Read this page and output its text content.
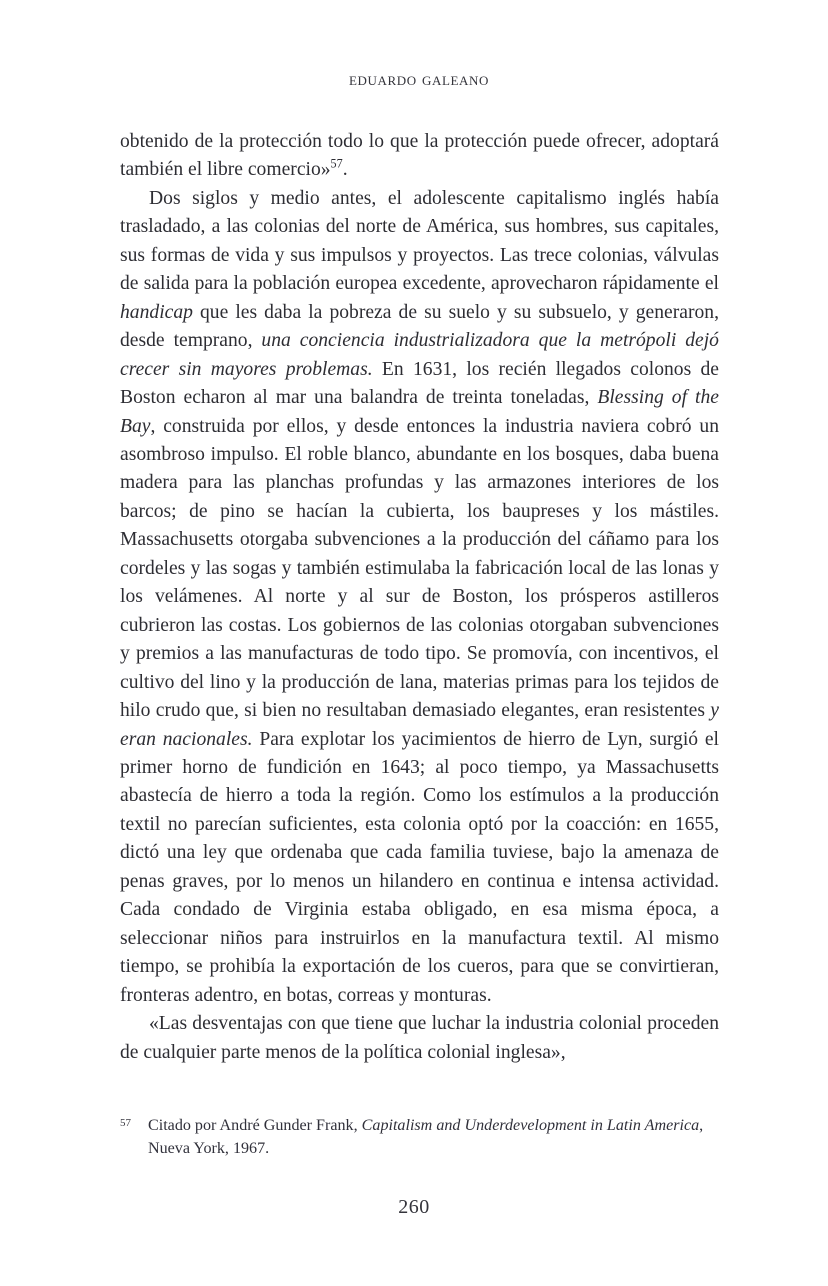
eduardo galeano

obtenido de la protección todo lo que la protección puede ofrecer, adoptará también el libre comercio»$^{57}$.

Dos siglos y medio antes, el adolescente capitalismo inglés había trasladado, a las colonias del norte de América, sus hombres, sus capitales, sus formas de vida y sus impulsos y proyectos. Las trece colonias, válvulas de salida para la población europea excedente, aprovecharon rápidamente el handicap que les daba la pobreza de su suelo y su subsuelo, y generaron, desde temprano, una conciencia industrializadora que la metrópoli dejó crecer sin mayores problemas. En 1631, los recién llegados colonos de Boston echaron al mar una balandra de treinta toneladas, Blessing of the Bay, construida por ellos, y desde entonces la industria naviera cobró un asombroso impulso. El roble blanco, abundante en los bosques, daba buena madera para las planchas profundas y las armazones interiores de los barcos; de pino se hacían la cubierta, los baupreses y los mástiles. Massachusetts otorgaba subvenciones a la producción del cáñamo para los cordeles y las sogas y también estimulaba la fabricación local de las lonas y los velámenes. Al norte y al sur de Boston, los prósperos astilleros cubrieron las costas. Los gobiernos de las colonias otorgaban subvenciones y premios a las manufacturas de todo tipo. Se promovía, con incentivos, el cultivo del lino y la producción de lana, materias primas para los tejidos de hilo crudo que, si bien no resultaban demasiado elegantes, eran resistentes y eran nacionales. Para explotar los yacimientos de hierro de Lyn, surgió el primer horno de fundición en 1643; al poco tiempo, ya Massachusetts abastecía de hierro a toda la región. Como los estímulos a la producción textil no parecían suficientes, esta colonia optó por la coacción: en 1655, dictó una ley que ordenaba que cada familia tuviese, bajo la amenaza de penas graves, por lo menos un hilandero en continua e intensa actividad. Cada condado de Virginia estaba obligado, en esa misma época, a seleccionar niños para instruirlos en la manufactura textil. Al mismo tiempo, se prohibía la exportación de los cueros, para que se convirtieran, fronteras adentro, en botas, correas y monturas.

«Las desventajas con que tiene que luchar la industria colonial proceden de cualquier parte menos de la política colonial inglesa»,

57 Citado por André Gunder Frank, Capitalism and Underdevelopment in Latin America, Nueva York, 1967.
260
